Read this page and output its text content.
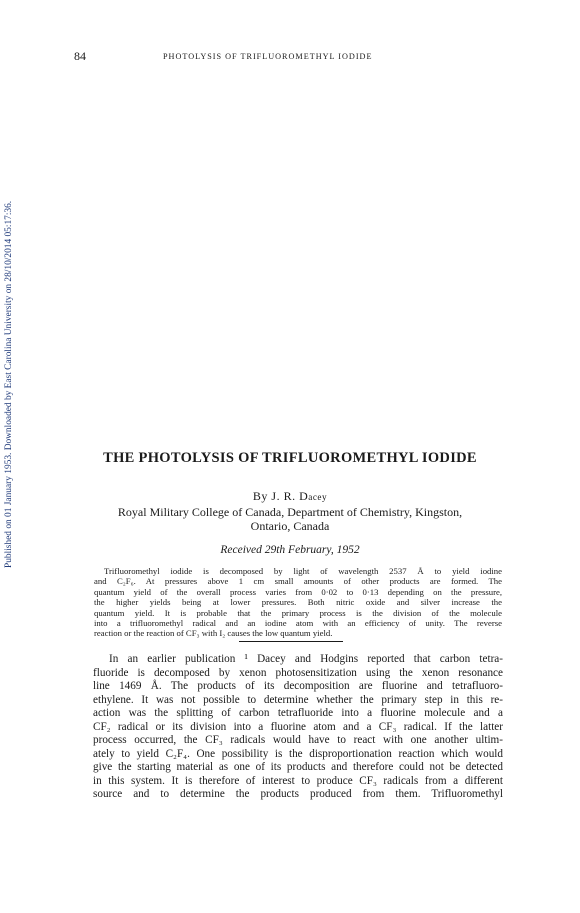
84	PHOTOLYSIS OF TRIFLUOROMETHYL IODIDE
Published on 01 January 1953. Downloaded by East Carolina University on 28/10/2014 05:17:36.	THE PHOTOLYSIS OF TRIFLUOROMETHYL IODIDE
By J. R. Dacey
Royal Military College of Canada, Department of Chemistry, Kingston,
Ontario, Canada
Received 29th February, 1952
Trifluoromethyl iodide is decomposed by light of wavelength 2537 Å to yield iodine
and C₂F₆. At pressures above 1 cm small amounts of other products are formed. The
quantum yield of the overall process varies from 0·02 to 0·13 depending on the pressure,
the higher yields being at lower pressures. Both nitric oxide and silver increase the
quantum yield. It is probable that the primary process is the division of the molecule
into a trifluoromethyl radical and an iodine atom with an efficiency of unity. The reverse
reaction or the reaction of CF₃ with I₂ causes the low quantum yield.
In an earlier publication ¹ Dacey and Hodgins reported that carbon tetra-
fluoride is decomposed by xenon photosensitization using the xenon resonance
line 1469 Å. The products of its decomposition are fluorine and tetrafluoro-
ethylene. It was not possible to determine whether the primary step in this re-
action was the splitting of carbon tetrafluoride into a fluorine molecule and a
CF₂ radical or its division into a fluorine atom and a CF₃ radical. If the latter
process occurred, the CF₃ radicals would have to react with one another ultim-
ately to yield C₂F₄. One possibility is the disproportionation reaction which would
give the starting material as one of its products and therefore could not be detected
in this system. It is therefore of interest to produce CF₃ radicals from a different
source and to determine the products produced from them. Trifluoromethyl
